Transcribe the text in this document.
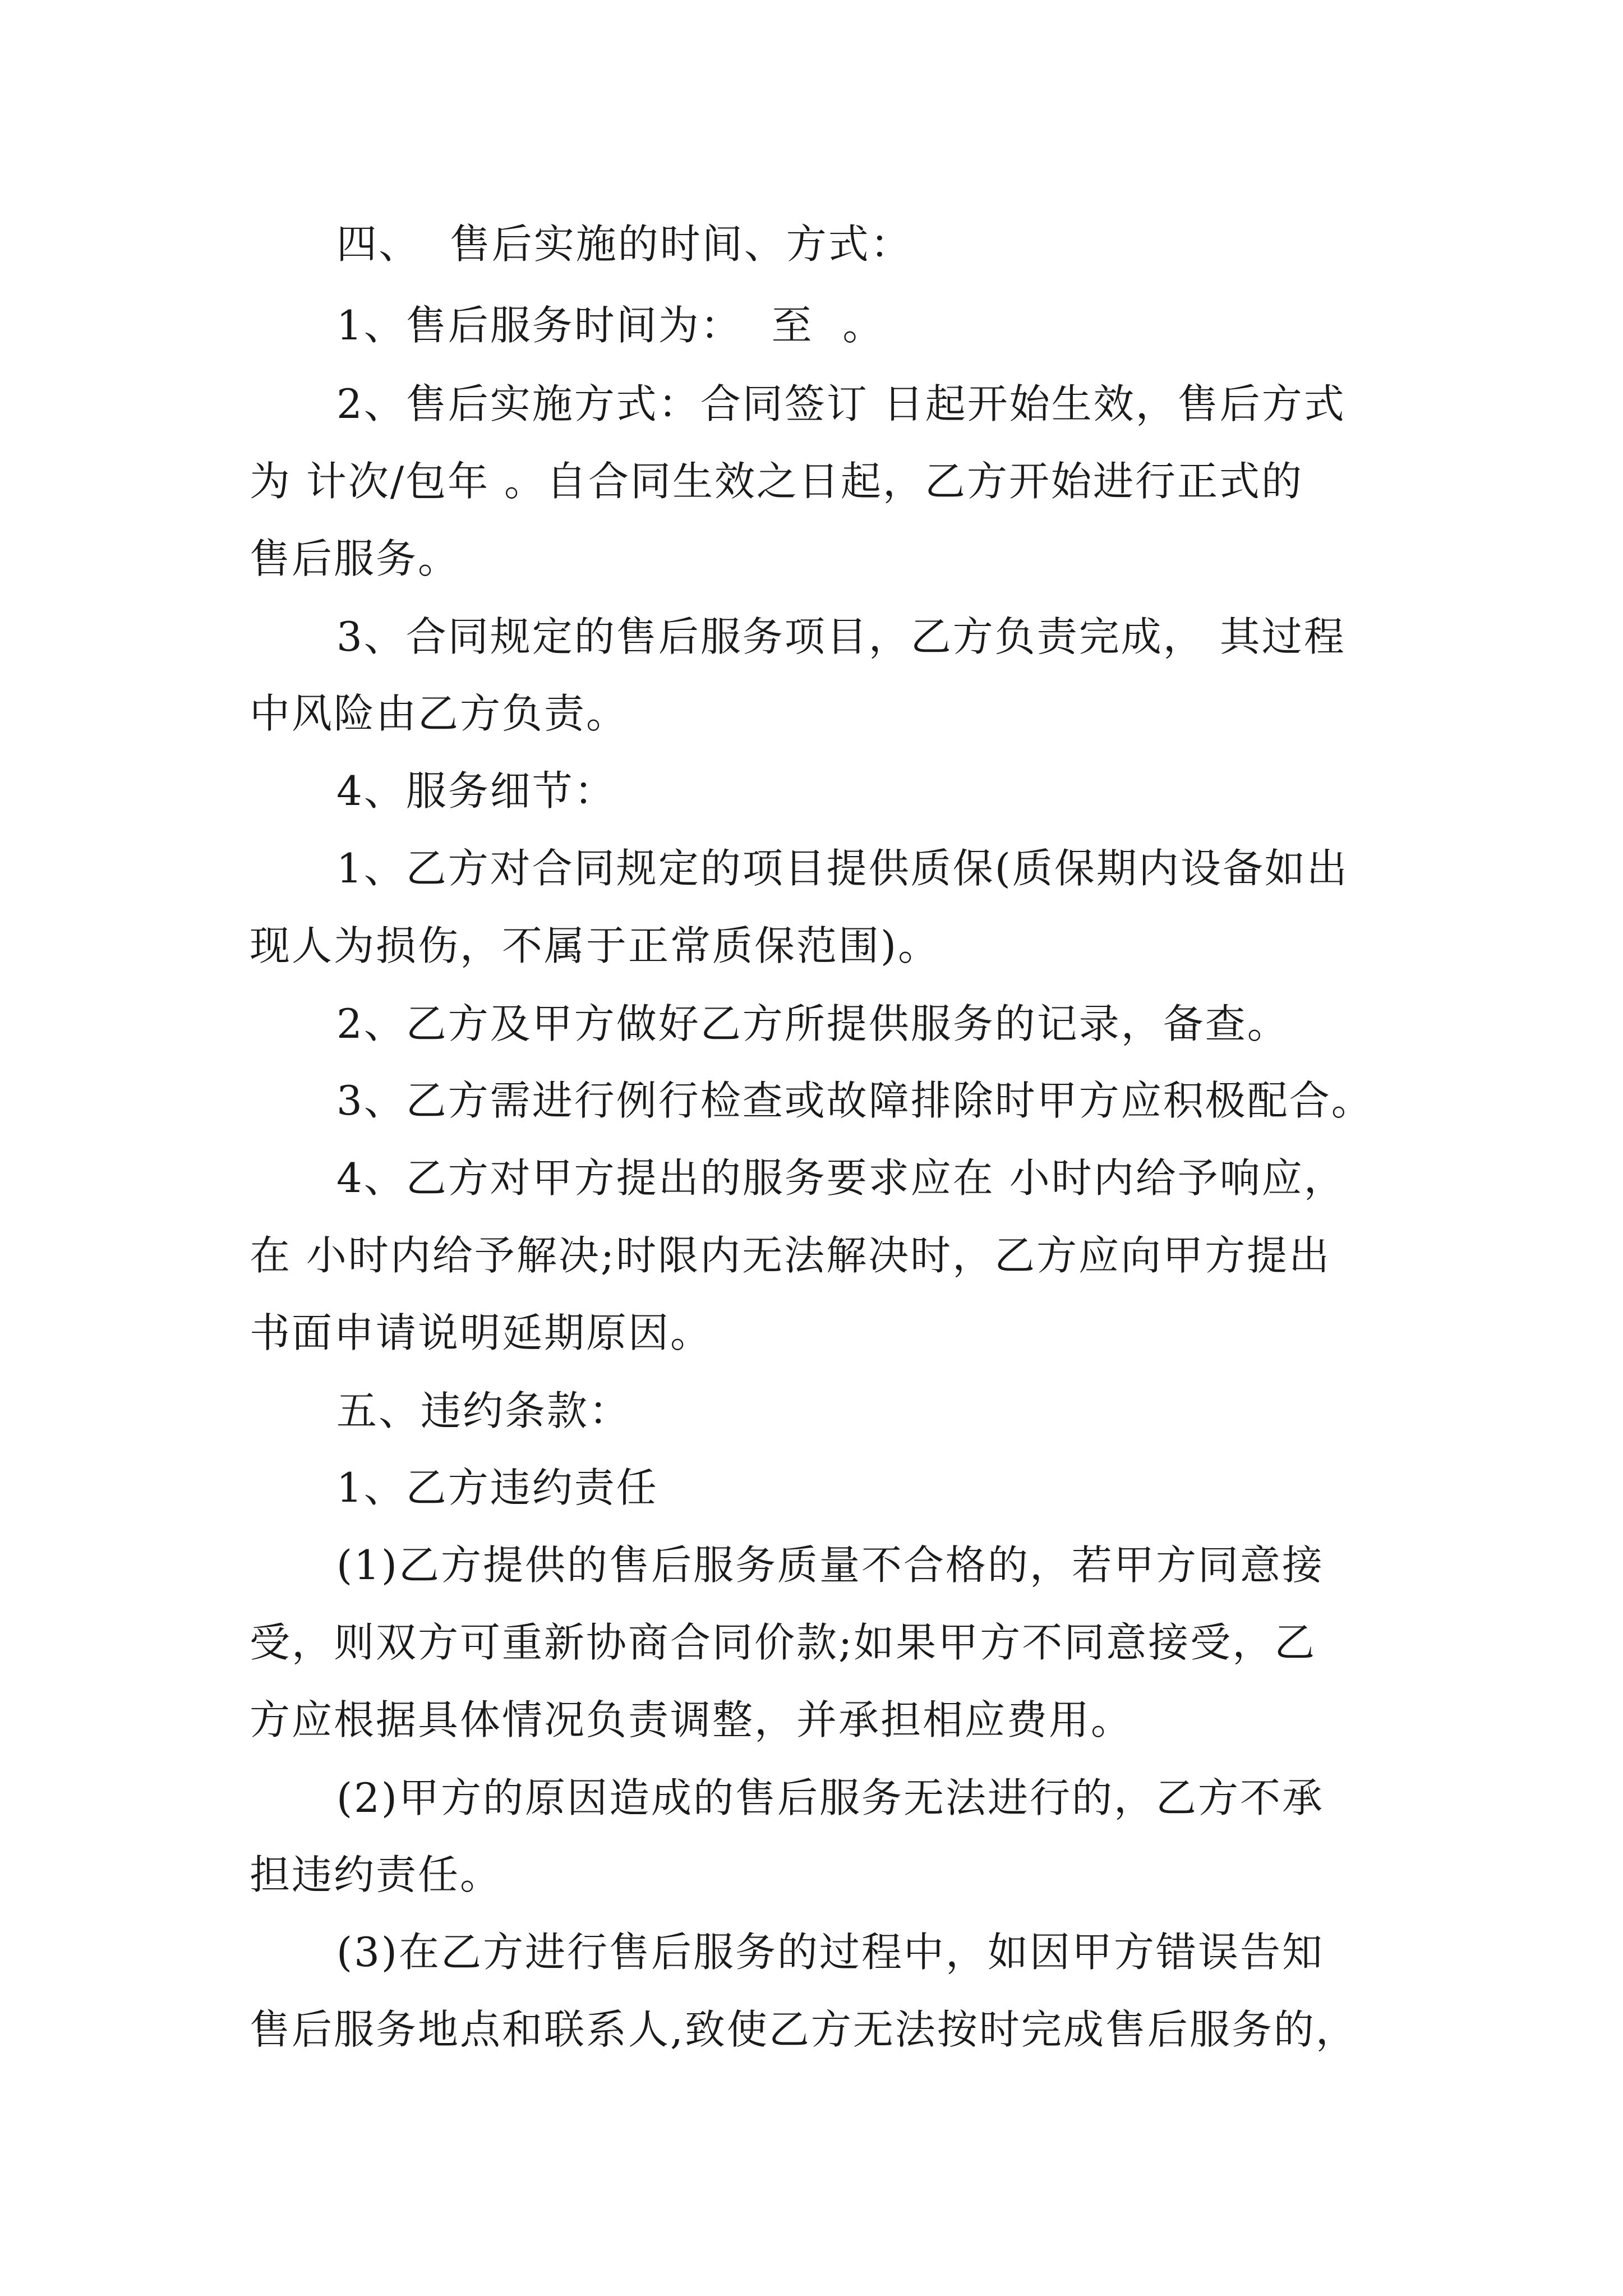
四、  售后实施的时间、方式：
1、售后服务时间为：  至  。
2、售后实施方式：合同签订 日起开始生效，售后方式
为 计次/包年 。自合同生效之日起，乙方开始进行正式的
售后服务。
3、合同规定的售后服务项目，乙方负责完成， 其过程
中风险由乙方负责。
4、服务细节：
1、乙方对合同规定的项目提供质保(质保期内设备如出
现人为损伤，不属于正常质保范围)。
2、乙方及甲方做好乙方所提供服务的记录，备查。
3、乙方需进行例行检查或故障排除时甲方应积极配合。
4、乙方对甲方提出的服务要求应在 小时内给予响应，
在 小时内给予解决;时限内无法解决时，乙方应向甲方提出
书面申请说明延期原因。
五、违约条款：
1、乙方违约责任
(1)乙方提供的售后服务质量不合格的，若甲方同意接
受，则双方可重新协商合同价款;如果甲方不同意接受，乙
方应根据具体情况负责调整，并承担相应费用。
(2)甲方的原因造成的售后服务无法进行的，乙方不承
担违约责任。
(3)在乙方进行售后服务的过程中，如因甲方错误告知
售后服务地点和联系人,致使乙方无法按时完成售后服务的，
